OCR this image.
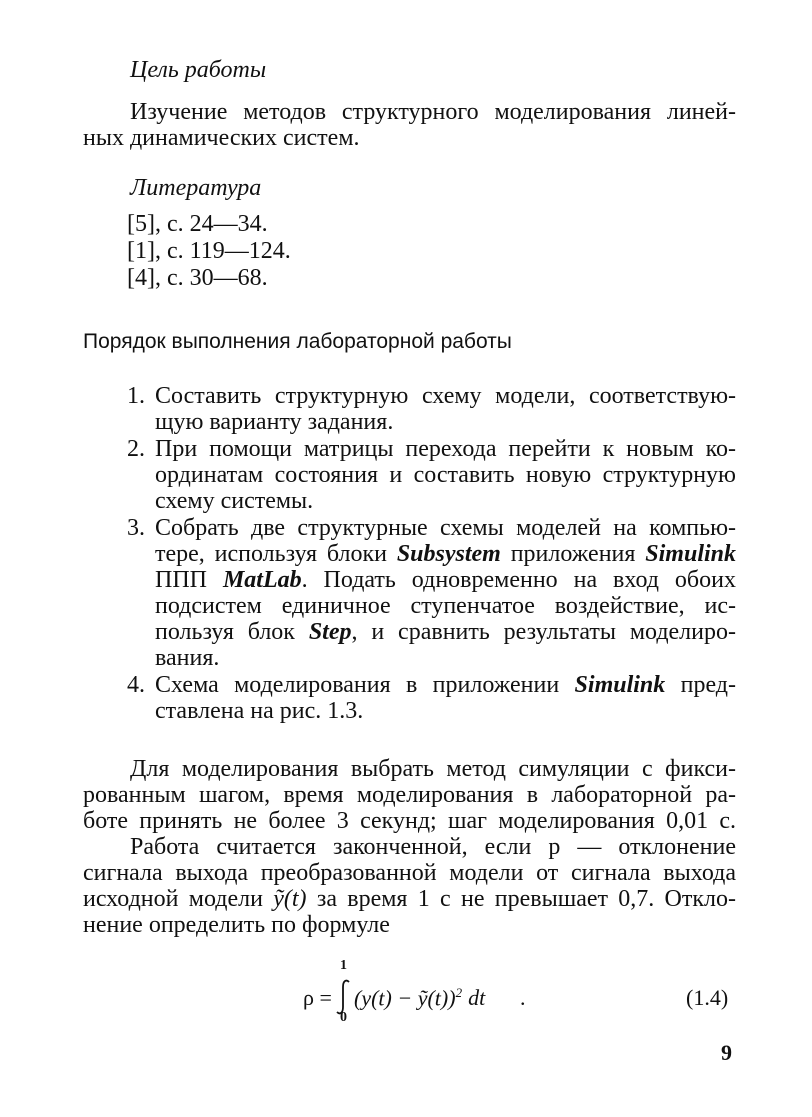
Цель работы
Изучение методов структурного моделирования линей-
ных динамических систем.
Литература
[5], с. 24—34.
[1], с. 119—124.
[4], с. 30—68.
Порядок выполнения лабораторной работы
1. Составить структурную схему модели, соответствую-
щую варианту задания.
2. При помощи матрицы перехода перейти к новым ко-
ординатам состояния и составить новую структурную
схему системы.
3. Собрать две структурные схемы моделей на компью-
тере, используя блоки Subsystem приложения Simulink
ППП MatLab. Подать одновременно на вход обоих
подсистем единичное ступенчатое воздействие, ис-
пользуя блок Step, и сравнить результаты моделиро-
вания.
4. Схема моделирования в приложении Simulink пред-
ставлена на рис. 1.3.
Для моделирования выбрать метод симуляции с фикси-
рованным шагом, время моделирования в лабораторной ра-
боте принять не более 3 секунд; шаг моделирования 0,01 с.
Работа считается законченной, если р — отклонение
сигнала выхода преобразованной модели от сигнала выхода
исходной модели ỹ(t) за время 1 с не превышает 0,7. Откло-
нение определить по формуле
ρ =
1
0
(y(t) − ỹ(t))$^2$ dt .	(1.4)
9
